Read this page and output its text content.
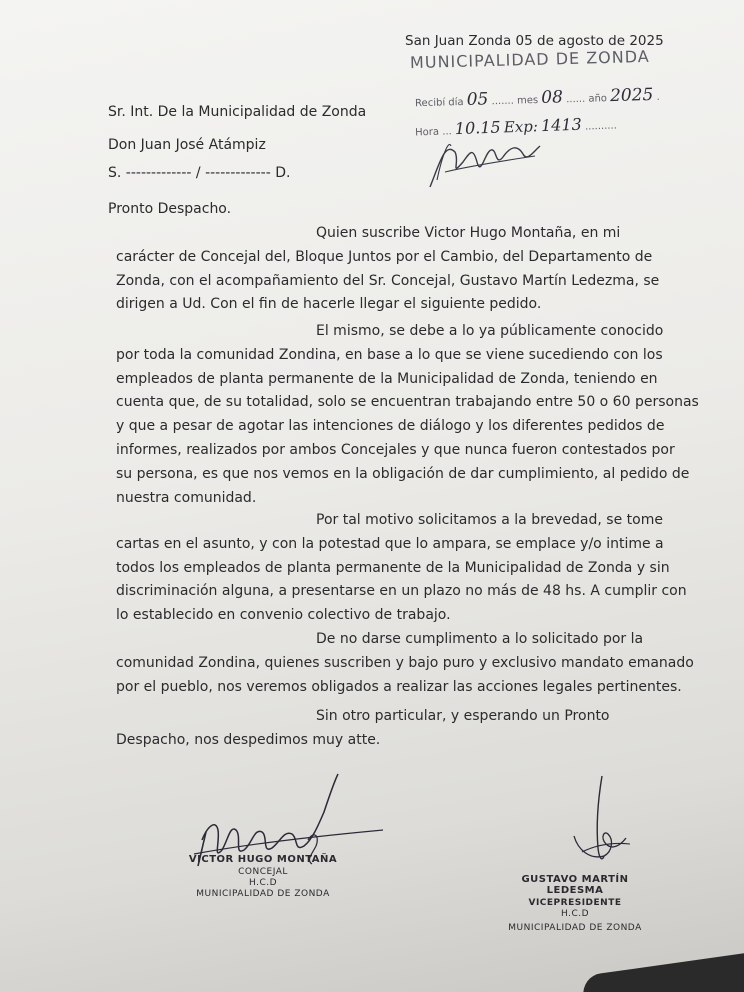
San Juan Zonda 05 de agosto de 2025
MUNICIPALIDAD DE ZONDA
Recibí día 05 ....... mes 08 ...... año 2025 .
Hora ... 10.15 Exp: 1413 ..........
Sr. Int. De la Municipalidad de Zonda
Don Juan José Atámpiz
S. ------------- / ------------- D.
Pronto Despacho.
Quien suscribe Victor Hugo Montaña, en mi
carácter de Concejal del, Bloque Juntos por el Cambio, del Departamento de
Zonda, con el acompañamiento del Sr. Concejal, Gustavo Martín Ledezma, se
dirigen a Ud. Con el fin de hacerle llegar el siguiente pedido.
El mismo, se debe a lo ya públicamente conocido
por toda la comunidad Zondina, en base a lo que se viene sucediendo con los
empleados de planta permanente de la Municipalidad de Zonda, teniendo en
cuenta que, de su totalidad, solo se encuentran trabajando entre 50 o 60 personas
y que a pesar de agotar las intenciones de diálogo y los diferentes pedidos de
informes, realizados por ambos Concejales y que nunca fueron contestados por
su persona, es que nos vemos en la obligación de dar cumplimiento, al pedido de
nuestra comunidad.
Por tal motivo solicitamos a la brevedad, se tome
cartas en el asunto, y con la potestad que lo ampara, se emplace y/o intime a
todos los empleados de planta permanente de la Municipalidad de Zonda y sin
discriminación alguna, a presentarse en un plazo no más de 48 hs. A cumplir con
lo establecido en convenio colectivo de trabajo.
De no darse cumplimento a lo solicitado por la
comunidad Zondina, quienes suscriben y bajo puro y exclusivo mandato emanado
por el pueblo, nos veremos obligados a realizar las acciones legales pertinentes.
Sin otro particular, y esperando un Pronto
Despacho, nos despedimos muy atte.
VICTOR HUGO MONTAÑA
CONCEJAL
H.C.D
MUNICIPALIDAD DE ZONDA
GUSTAVO MARTÍN LEDESMA
VICEPRESIDENTE
H.C.D
MUNICIPALIDAD DE ZONDA
